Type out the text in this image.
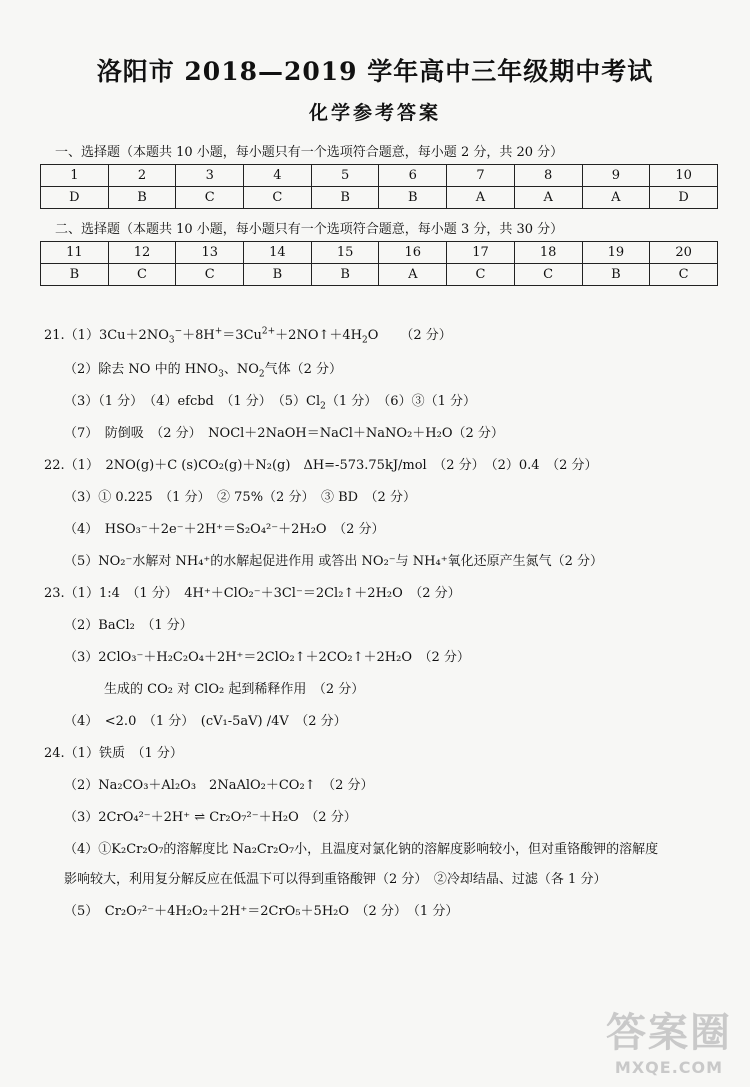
洛阳市 2018—2019 学年高中三年级期中考试
化学参考答案
一、选择题（本题共 10 小题，每小题只有一个选项符合题意，每小题 2 分，共 20 分）
1	2	3	4	5	6	7	8	9	10
D	B	C	C	B	B	A	A	A	D
二、选择题（本题共 10 小题，每小题只有一个选项符合题意，每小题 3 分，共 30 分）
11	12	13	14	15	16	17	18	19	20
B	C	C	B	B	A	C	C	B	C
$21.(1)3Cu+2NO_3^-+8H^+=3Cu^{2+}+2NO↑+4H_2O$ （2 分）
（2）除去 NO 中的 $HNO_3$、$NO_2$气体（2 分）
（3）（1 分）　（4）efcbd　（1 分）　$(5)Cl_2(1$ 分）　（6）③（1 分）
（7）　防倒吸　（2 分）　NOCl＋2NaOH＝NaCl＋NaNO₂＋H₂O（2 分）
22.（1）　2NO(g)＋C (s)CO₂(g)＋N₂(g)　ΔH=-573.75kJ/mol　（2 分）　（2）0.4　（2 分）
（3）① 0.225　（1 分）　② 75%（2 分）　③ BD　（2 分）
（4）　HSO₃⁻＋2e⁻＋2H⁺＝S₂O₄²⁻＋2H₂O　（2 分）
（5）NO₂⁻水解对 NH₄⁺的水解起促进作用 或答出 NO₂⁻与 NH₄⁺氧化还原产生氮气（2 分）
23.（1）1:4　（1 分）　4H⁺＋ClO₂⁻＋3Cl⁻＝2Cl₂↑＋2H₂O　（2 分）
（2）BaCl₂　（1 分）
（3）2ClO₃⁻＋H₂C₂O₄＋2H⁺＝2ClO₂↑＋2CO₂↑＋2H₂O　（2 分）
生成的 CO₂ 对 ClO₂ 起到稀释作用　（2 分）
（4）　<2.0　（1 分）　(cV₁-5aV) /4V　（2 分）
24.（1）铁质　（1 分）
（2）Na₂CO₃＋Al₂O₃　2NaAlO₂＋CO₂↑　（2 分）
（3）2CrO₄²⁻＋2H⁺ ⇌ Cr₂O₇²⁻＋H₂O　（2 分）
（4）①K₂Cr₂O₇的溶解度比 Na₂Cr₂O₇小，且温度对氯化钠的溶解度影响较小，但对重铬酸钾的溶解度
影响较大，利用复分解反应在低温下可以得到重铬酸钾（2 分）　②冷却结晶、过滤（各 1 分）
（5）　Cr₂O₇²⁻＋4H₂O₂＋2H⁺＝2CrO₅＋5H₂O　（2 分）　（1 分）
答案圈
MXQE.COM
